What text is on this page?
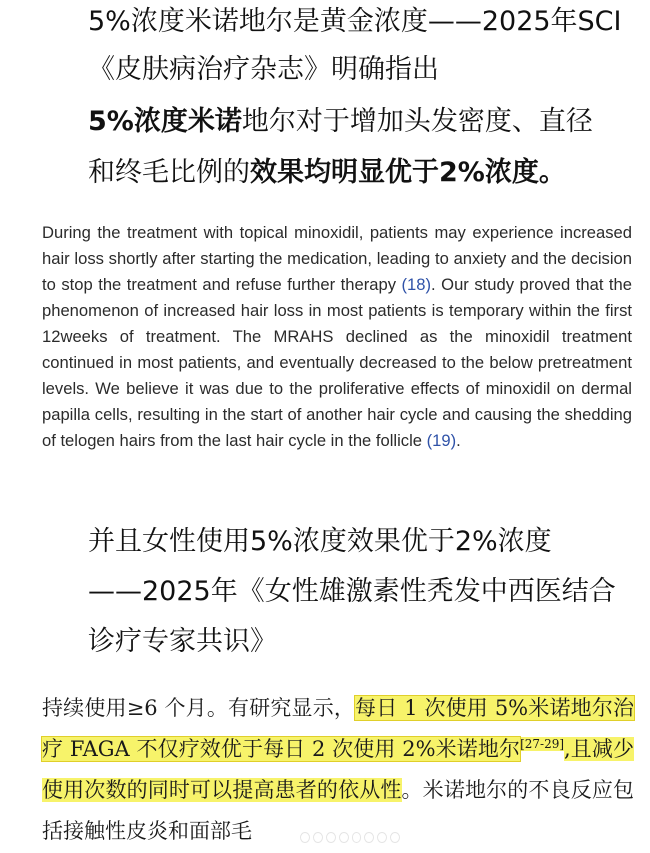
5%浓度米诺地尔是黄金浓度——2025年SCI

《皮肤病治疗杂志》明确指出

5%浓度米诺地尔对于增加头发密度、直径

和终毛比例的效果均明显优于2%浓度。

During the treatment with topical minoxidil, patients may experience increased hair loss shortly after starting the medication, leading to anxiety and the decision to stop the treatment and refuse further therapy (18). Our study proved that the phenomenon of increased hair loss in most patients is temporary within the first 12weeks of treatment. The MRAHS declined as the minoxidil treatment continued in most patients, and eventually decreased to the below pretreatment levels. We believe it was due to the proliferative effects of minoxidil on dermal papilla cells, resulting in the start of another hair cycle and causing the shedding of telogen hairs from the last hair cycle in the follicle (19).

并且女性使用5%浓度效果优于2%浓度

——2025年《女性雄激素性秃发中西医结合

诊疗专家共识》

持续使用≥6 个月。有研究显示，每日 1 次使用 5%米诺地尔治疗 FAGA 不仅疗效优于每日 2 次使用 2%米诺地尔[27-29],且减少使用次数的同时可以提高患者的依从性。米诺地尔的不良反应包括接触性皮炎和面部毛
